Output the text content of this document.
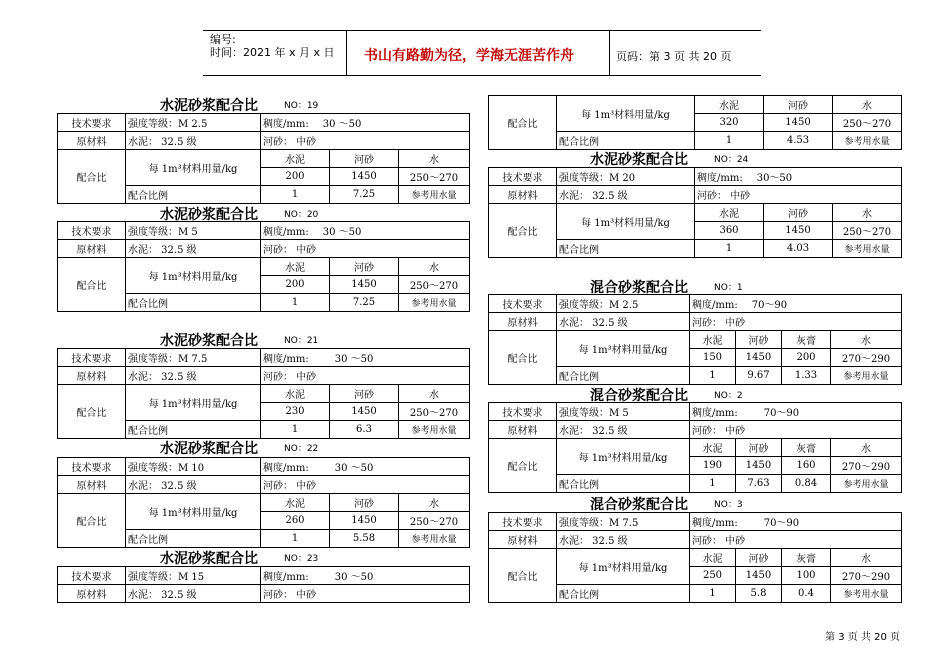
编号:
时间：2021 年 x 月 x 日 书山有路勤为径，学海无涯苦作舟	页码：第 3 页 共 20 页
水泥砂浆配合比	NO：19
技术要求	强度等级：M 2.5	稠度/mm: 30 ～50		
原材料	水泥： 32.5 级	河砂： 中砂		
配合比	每 1m³材料用量/kg	水泥	河砂	水
		200	1450	250～270
	配合比例	1	7.25	参考用水量
水泥砂浆配合比	NO：20
技术要求	强度等级：M 5	稠度/mm: 30 ～50		
原材料	水泥： 32.5 级	河砂： 中砂		
配合比	每 1m³材料用量/kg	水泥	河砂	水
		200	1450	250～270
	配合比例	1	7.25	参考用水量
水泥砂浆配合比	NO：21
技术要求	强度等级：M 7.5	稠度/mm: 30 ～50		
原材料	水泥： 32.5 级	河砂： 中砂		
配合比	每 1m³材料用量/kg	水泥	河砂	水
		230	1450	250～270
	配合比例	1	6.3	参考用水量
水泥砂浆配合比	NO：22
技术要求	强度等级：M 10	稠度/mm: 30 ～50		
原材料	水泥： 32.5 级	河砂： 中砂		
配合比	每 1m³材料用量/kg	水泥	河砂	水
		260	1450	250～270
	配合比例	1	5.58	参考用水量
水泥砂浆配合比	NO：23
技术要求	强度等级：M 15	稠度/mm: 30 ～50
原材料	水泥： 32.5 级	河砂： 中砂
配合比	每 1m³材料用量/kg	水泥	河砂	水
		320	1450	250～270
	配合比例	1	4.53	参考用水量
水泥砂浆配合比	NO：24
技术要求	强度等级：M 20	稠度/mm: 30～50		
原材料	水泥： 32.5 级	河砂： 中砂		
配合比	每 1m³材料用量/kg	水泥	河砂	水
		360	1450	250～270
	配合比例	1	4.03	参考用水量
混合砂浆配合比	NO：1
技术要求	强度等级：M 2.5	稠度/mm: 70～90			
原材料	水泥： 32.5 级	河砂： 中砂			
配合比	每 1m³材料用量/kg	水泥	河砂	灰膏	水
		150	1450	200	270～290
	配合比例	1	9.67	1.33	参考用水量
混合砂浆配合比	NO：2
技术要求	强度等级：M 5	稠度/mm: 70～90			
原材料	水泥： 32.5 级	河砂： 中砂			
配合比	每 1m³材料用量/kg	水泥	河砂	灰膏	水
		190	1450	160	270～290
	配合比例	1	7.63	0.84	参考用水量
混合砂浆配合比	NO：3
技术要求	强度等级：M 7.5	稠度/mm: 70～90			
原材料	水泥： 32.5 级	河砂： 中砂			
配合比	每 1m³材料用量/kg	水泥	河砂	灰膏	水
		250	1450	100	270～290
	配合比例	1	5.8	0.4	参考用水量
第 3 页 共 20 页
